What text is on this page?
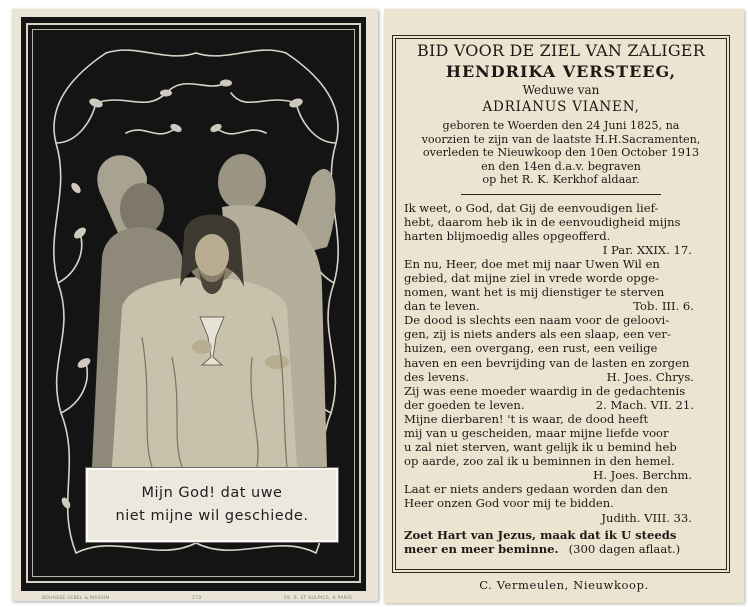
Mijn God! dat uwe
niet mijne wil geschiede.
BOUASSE-LEBEL & MASSIN	173	59, R. ST SULPICE, A PARIS
BID VOOR DE ZIEL VAN ZALIGER
HENDRIKA VERSTEEG,
Weduwe van
ADRIANUS VIANEN,
geboren te Woerden den 24 Juni 1825, na
voorzien te zijn van de laatste H.H.Sacramenten,
overleden te Nieuwkoop den 10en October 1913
en den 14en d.a.v. begraven
op het R. K. Kerkhof aldaar.
Ik weet, o God, dat Gij de eenvoudigen lief-
hebt, daarom heb ik in de eenvoudigheid mijns
harten blijmoedig alles opgeofferd.
I Par. XXIX. 17.
En nu, Heer, doe met mij naar Uwen Wil en
gebied, dat mijne ziel in vrede worde opge-
nomen, want het is mij dienstiger te sterven
dan te leven.	Tob. III. 6.
De dood is slechts een naam voor de geloovi-
gen, zij is niets anders als een slaap, een ver-
huizen, een overgang, een rust, een veilige
haven en een bevrijding van de lasten en zorgen
des levens.	H. Joes. Chrys.
Zij was eene moeder waardig in de gedachtenis
der goeden te leven.	2. Mach. VII. 21.
Mijne dierbaren! 't is waar, de dood heeft
mij van u gescheiden, maar mijne liefde voor
u zal niet sterven, want gelijk ik u bemind heb
op aarde, zoo zal ik u beminnen in den hemel.
H. Joes. Berchm.
Laat er niets anders gedaan worden dan den
Heer onzen God voor mij te bidden.
Judith. VIII. 33.
Zoet Hart van Jezus, maak dat ik U steeds
meer en meer beminne. (300 dagen aflaat.)
C. Vermeulen, Nieuwkoop.
